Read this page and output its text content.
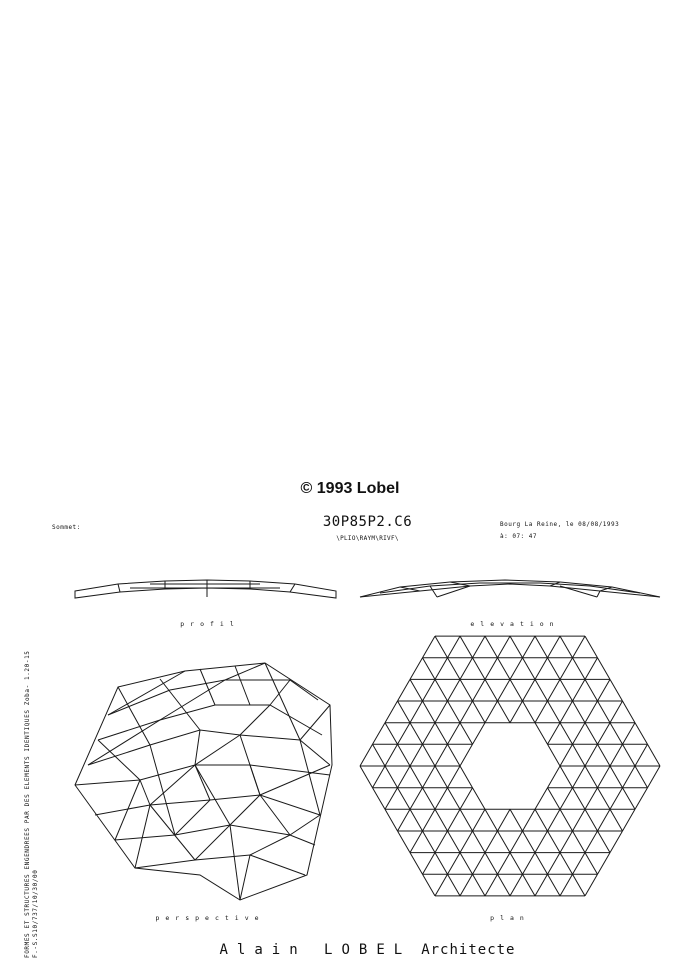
© 1993 Lobel
Sommet:	30P85P2.C6
\PLIO\RAYM\RIVF\
Bourg La Reine, le 08/08/1993
à: 07: 47
FORMES ET STRUCTURES ENGENDREES PAR DES ELEMENTS IDENTIQUES Zoba- 1.20-15 F.-S.S10/737/10/30/00
profil	elevation
perspective	plan
Alain LOBEL Architecte
